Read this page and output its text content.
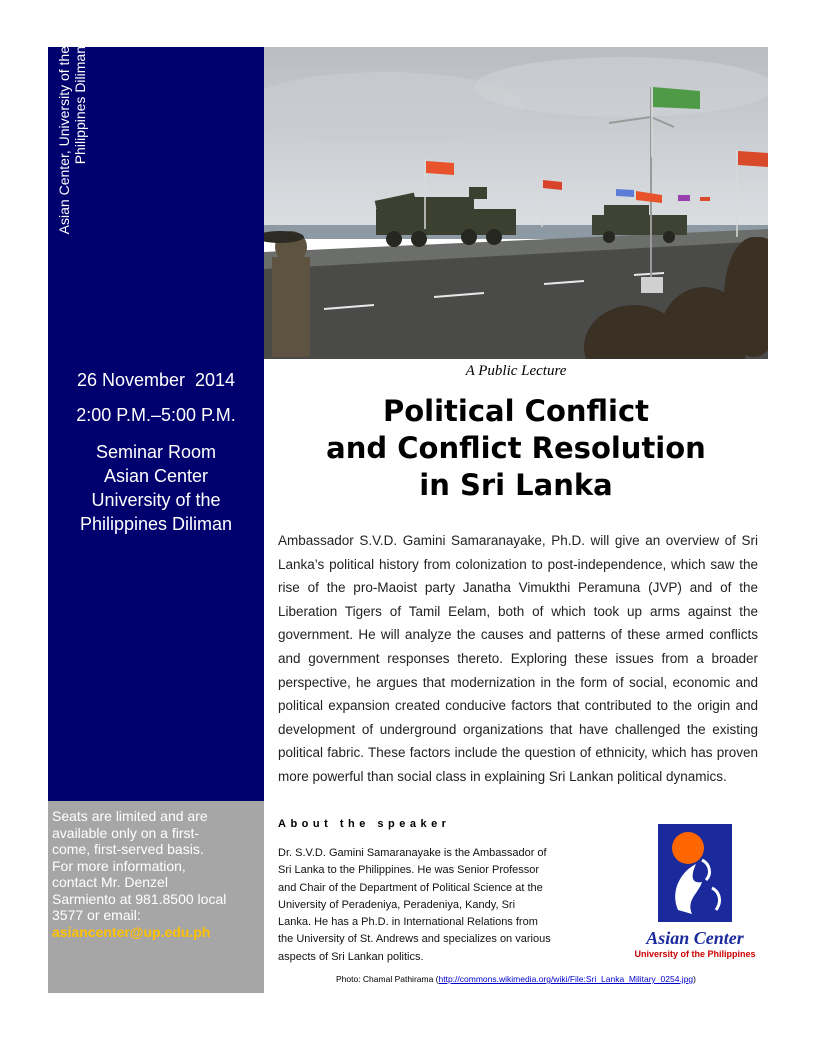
Asian Center, University of the
Philippines Diliman
26 November  2014
2:00 P.M.–5:00 P.M.
Seminar Room
Asian Center
University of the
Philippines Diliman
Seats are limited and are
available only on a first-
come, first-served basis.
For more information,
contact Mr. Denzel
Sarmiento at 981.8500 local
3577 or email:
asiancenter@up.edu.ph
A Public Lecture
Political Conflict
and Conflict Resolution
in Sri Lanka
Ambassador S.V.D. Gamini Samaranayake, Ph.D. will give an overview of Sri Lanka’s political history from colonization to post-independence, which saw the rise of the pro-Maoist party Janatha Vimukthi Peramuna (JVP) and of the Liberation Tigers of Tamil Eelam, both of which took up arms against the government. He will analyze the causes and patterns of these armed conflicts and government responses thereto. Exploring these issues from a broader perspective, he argues that modernization in the form of social, economic and political expansion created conducive factors that contributed to the origin and development of underground organizations that have challenged the existing political fabric. These factors include the question of ethnicity, which has proven more powerful than social class in explaining Sri Lankan political dynamics.
About the speaker
Dr. S.V.D. Gamini Samaranayake is the Ambassador of
Sri Lanka to the Philippines. He was Senior Professor
and Chair of the Department of Political Science at the
University of Peradeniya, Peradeniya, Kandy, Sri
Lanka. He has a Ph.D. in International Relations from
the University of St. Andrews and specializes on various
aspects of Sri Lankan politics.
Asian Center
University of the Philippines
Photo: Chamal Pathirama (http://commons.wikimedia.org/wiki/File:Sri_Lanka_Military_0254.jpg)
